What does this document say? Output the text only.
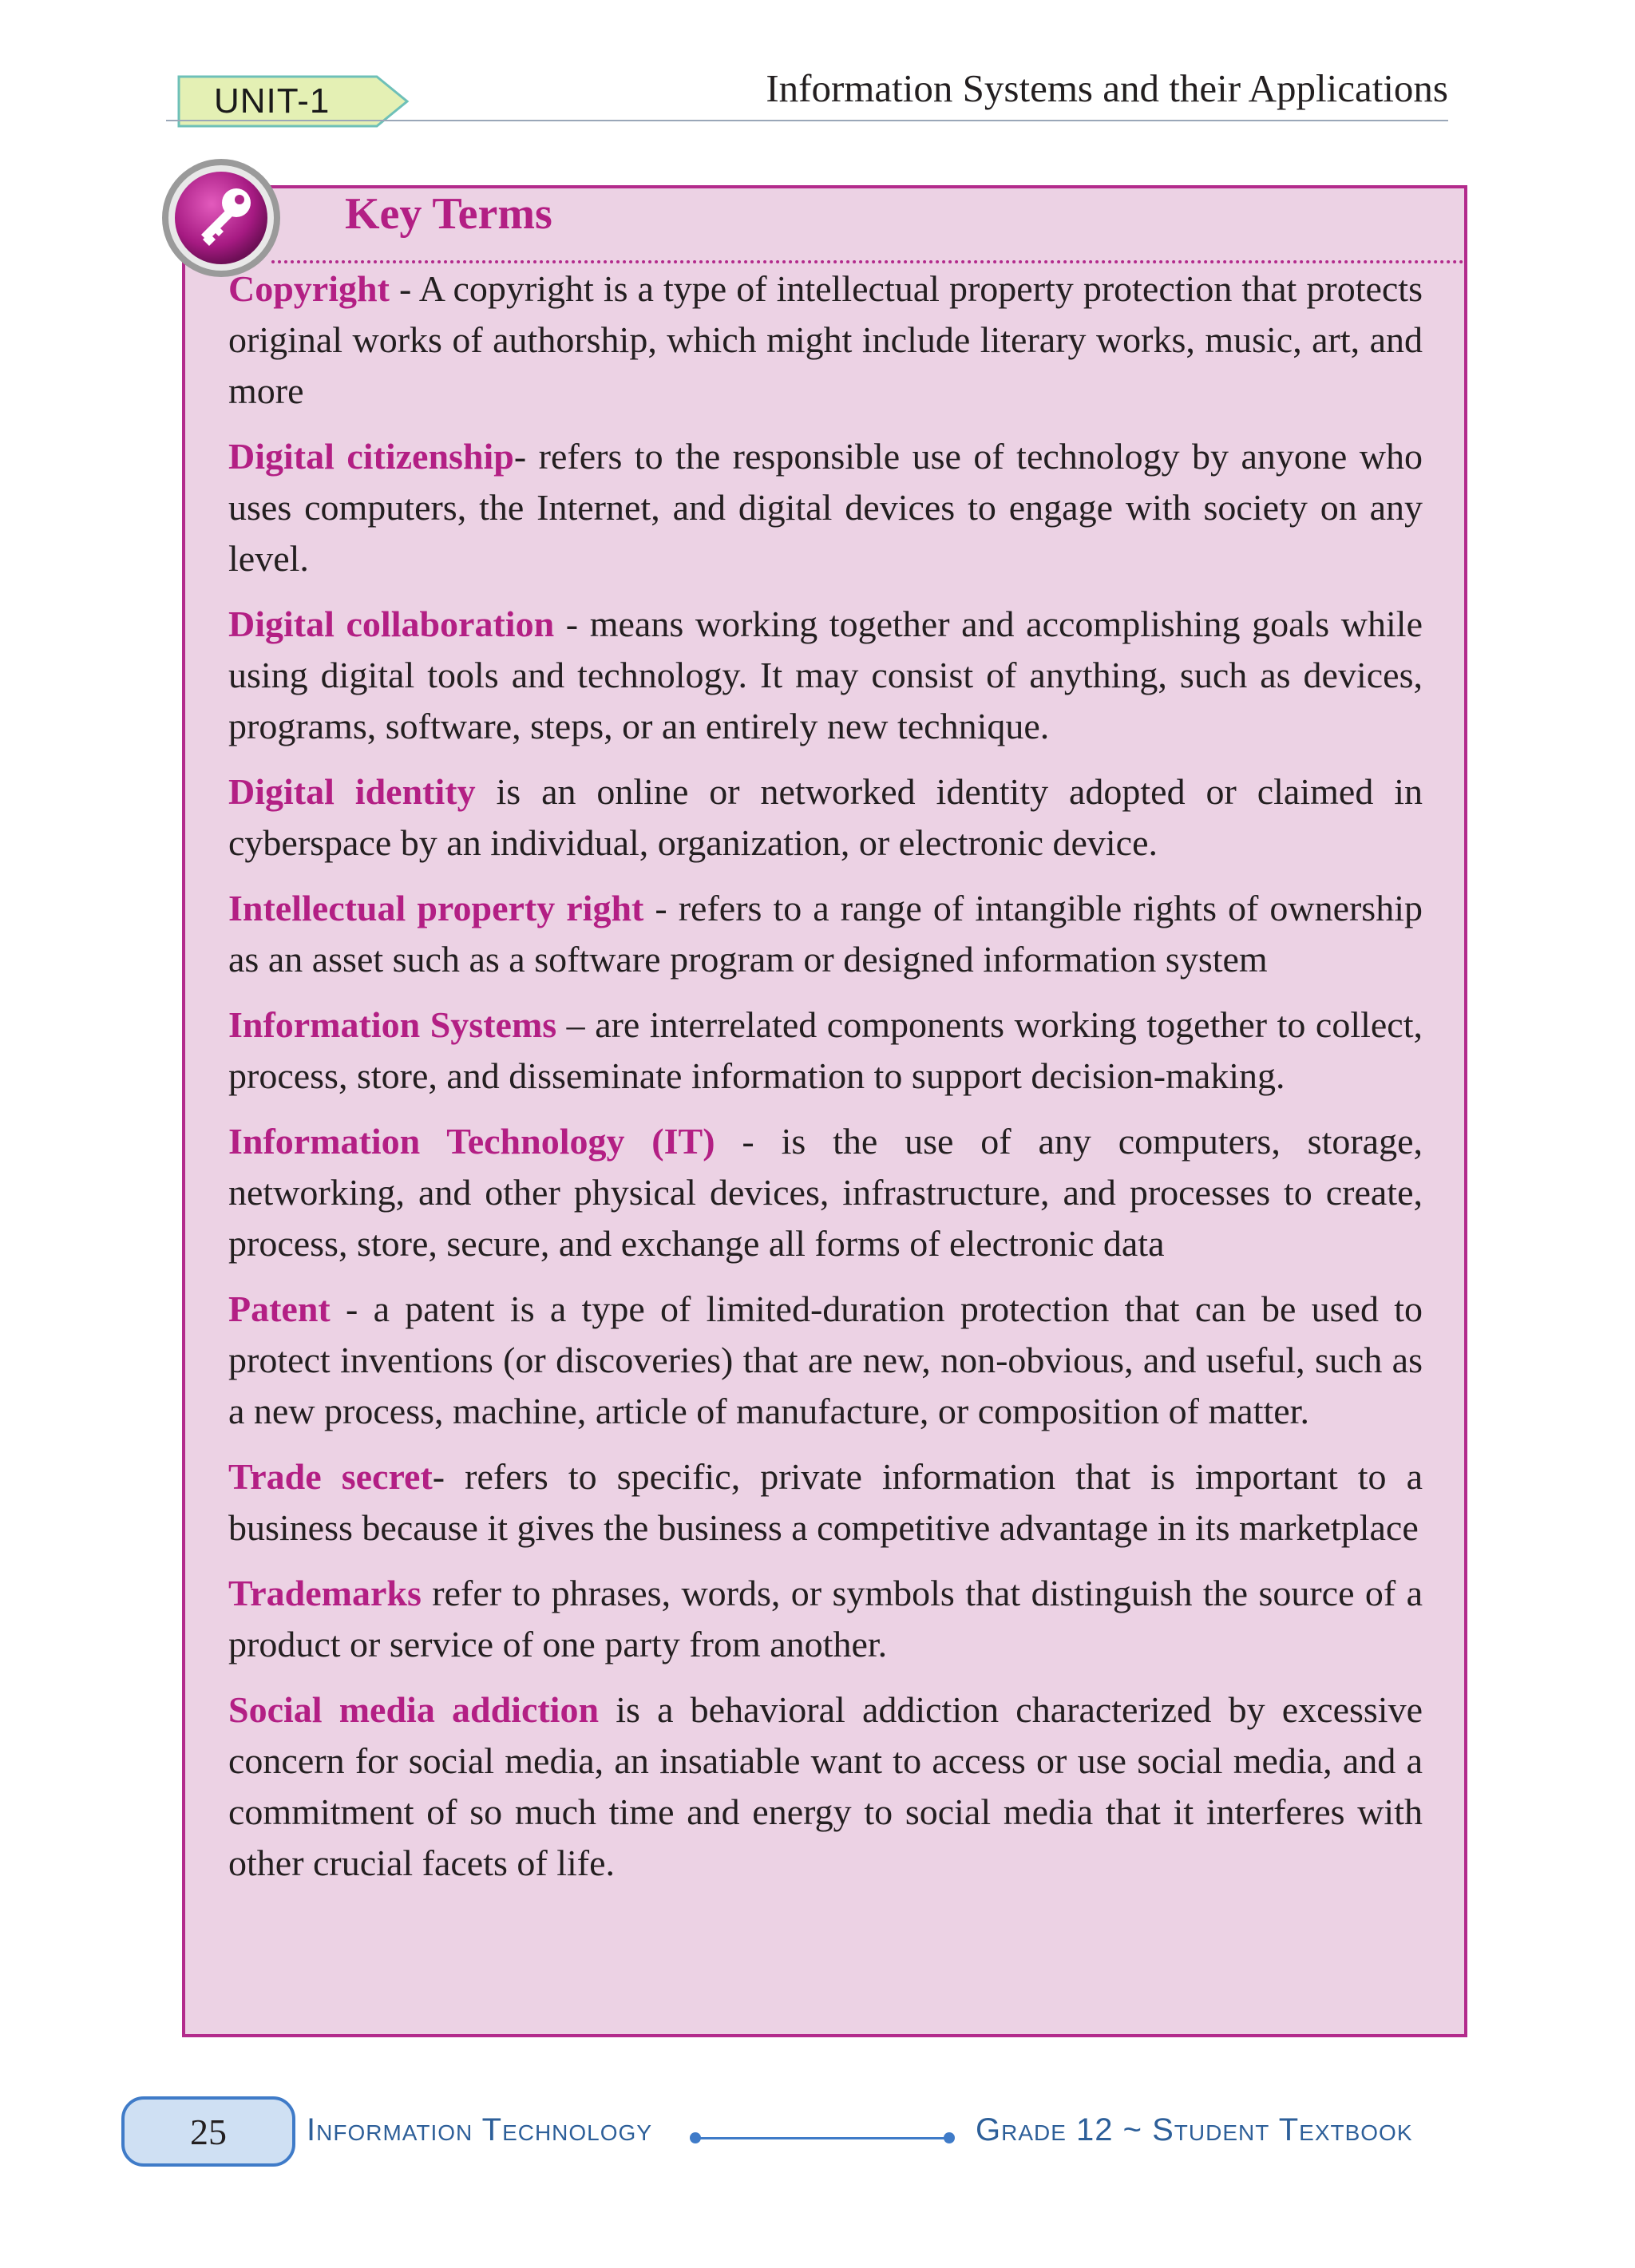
UNIT-1	Information Systems and their Applications
Key Terms

Copyright - A copyright is a type of intellectual property protection that protects original works of authorship, which might include literary works, music, art, and more

Digital citizenship- refers to the responsible use of technology by anyone who uses computers, the Internet, and digital devices to engage with society on any level.

Digital collaboration - means working together and accomplishing goals while using digital tools and technology. It may consist of anything, such as devices, programs, software, steps, or an entirely new technique.

Digital identity is an online or networked identity adopted or claimed in cyberspace by an individual, organization, or electronic device.

Intellectual property right - refers to a range of intangible rights of ownership as an asset such as a software program or designed information system

Information Systems – are interrelated components working together to collect, process, store, and disseminate information to support decision-making.

Information Technology (IT) - is the use of any computers, storage, networking, and other physical devices, infrastructure, and processes to create, process, store, secure, and exchange all forms of electronic data

Patent - a patent is a type of limited-duration protection that can be used to protect inventions (or discoveries) that are new, non-obvious, and useful, such as a new process, machine, article of manufacture, or composition of matter.

Trade secret- refers to specific, private information that is important to a business because it gives the business a competitive advantage in its marketplace

Trademarks refer to phrases, words, or symbols that distinguish the source of a product or service of one party from another.

Social media addiction is a behavioral addiction characterized by excessive concern for social media, an insatiable want to access or use social media, and a commitment of so much time and energy to social media that it interferes with other crucial facets of life.

25	Information Technology	Grade 12 ~ Student Textbook
